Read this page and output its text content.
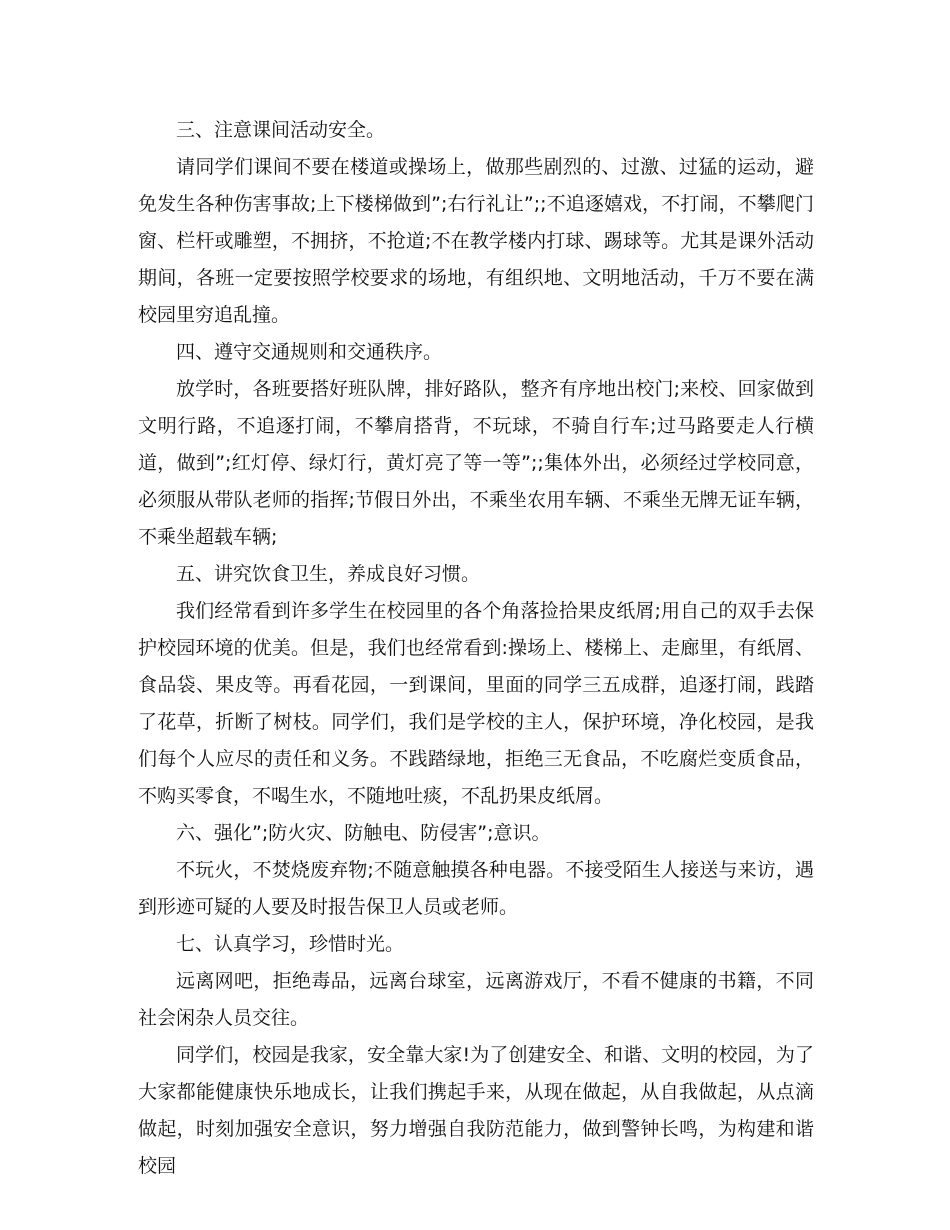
三、注意课间活动安全。

请同学们课间不要在楼道或操场上，做那些剧烈的、过激、过猛的运动，避免发生各种伤害事故;上下楼梯做到”;右行礼让”;;不追逐嬉戏，不打闹，不攀爬门窗、栏杆或雕塑，不拥挤，不抢道;不在教学楼内打球、踢球等。尤其是课外活动期间，各班一定要按照学校要求的场地，有组织地、文明地活动，千万不要在满校园里穷追乱撞。

四、遵守交通规则和交通秩序。

放学时，各班要搭好班队牌，排好路队，整齐有序地出校门;来校、回家做到文明行路，不追逐打闹，不攀肩搭背，不玩球，不骑自行车;过马路要走人行横道，做到”;红灯停、绿灯行，黄灯亮了等一等”;;集体外出，必须经过学校同意，必须服从带队老师的指挥;节假日外出，不乘坐农用车辆、不乘坐无牌无证车辆，不乘坐超载车辆;

五、讲究饮食卫生，养成良好习惯。

我们经常看到许多学生在校园里的各个角落捡拾果皮纸屑;用自己的双手去保护校园环境的优美。但是，我们也经常看到:操场上、楼梯上、走廊里，有纸屑、食品袋、果皮等。再看花园，一到课间，里面的同学三五成群，追逐打闹，践踏了花草，折断了树枝。同学们，我们是学校的主人，保护环境，净化校园，是我们每个人应尽的责任和义务。不践踏绿地，拒绝三无食品，不吃腐烂变质食品，不购买零食，不喝生水，不随地吐痰，不乱扔果皮纸屑。

六、强化”;防火灾、防触电、防侵害”;意识。

不玩火，不焚烧废弃物;不随意触摸各种电器。不接受陌生人接送与来访，遇到形迹可疑的人要及时报告保卫人员或老师。

七、认真学习，珍惜时光。

远离网吧，拒绝毒品，远离台球室，远离游戏厅，不看不健康的书籍，不同社会闲杂人员交往。

同学们，校园是我家，安全靠大家!为了创建安全、和谐、文明的校园，为了大家都能健康快乐地成长，让我们携起手来，从现在做起，从自我做起，从点滴做起，时刻加强安全意识，努力增强自我防范能力，做到警钟长鸣，为构建和谐校园
